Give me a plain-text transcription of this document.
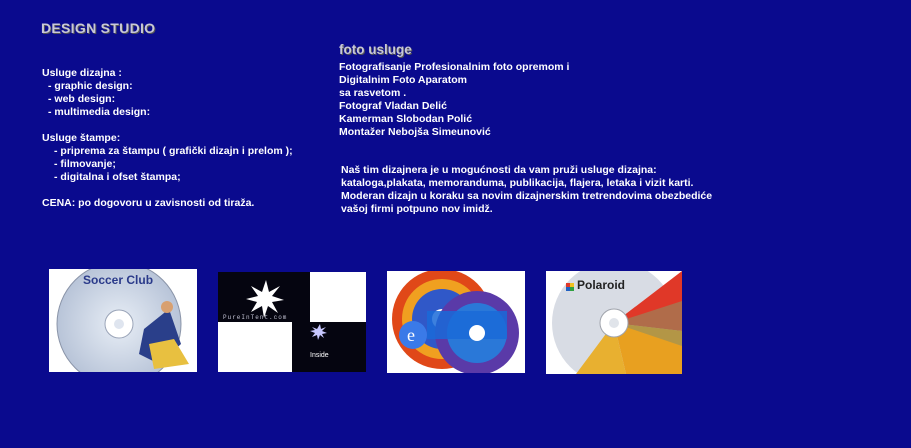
DESIGN STUDIO
Usluge dizajna :
- graphic design:
- web design:
- multimedia design:
Usluge štampe:
- priprema za štampu ( grafički dizajn i prelom );
- filmovanje;
- digitalna i ofset štampa;
CENA: po dogovoru u zavisnosti od tiraža.
foto usluge
Fotografisanje Profesionalnim foto opremom i
Digitalnim Foto Aparatom
sa rasvetom .
Fotograf Vladan Delić
Kamerman Slobodan Polić
Montažer Nebojša Simeunović
Naš tim dizajnera je u mogućnosti da vam pruži usluge dizajna:
kataloga,plakata, memoranduma, publikacija, flajera, letaka i vizit karti.
Moderan dizajn u koraku sa novim dizajnerskim tretrendovima obezbediće
vašoj firmi potpuno nov imidž.
Soccer Club
PureInTent.com
Inside
e
Polaroid
